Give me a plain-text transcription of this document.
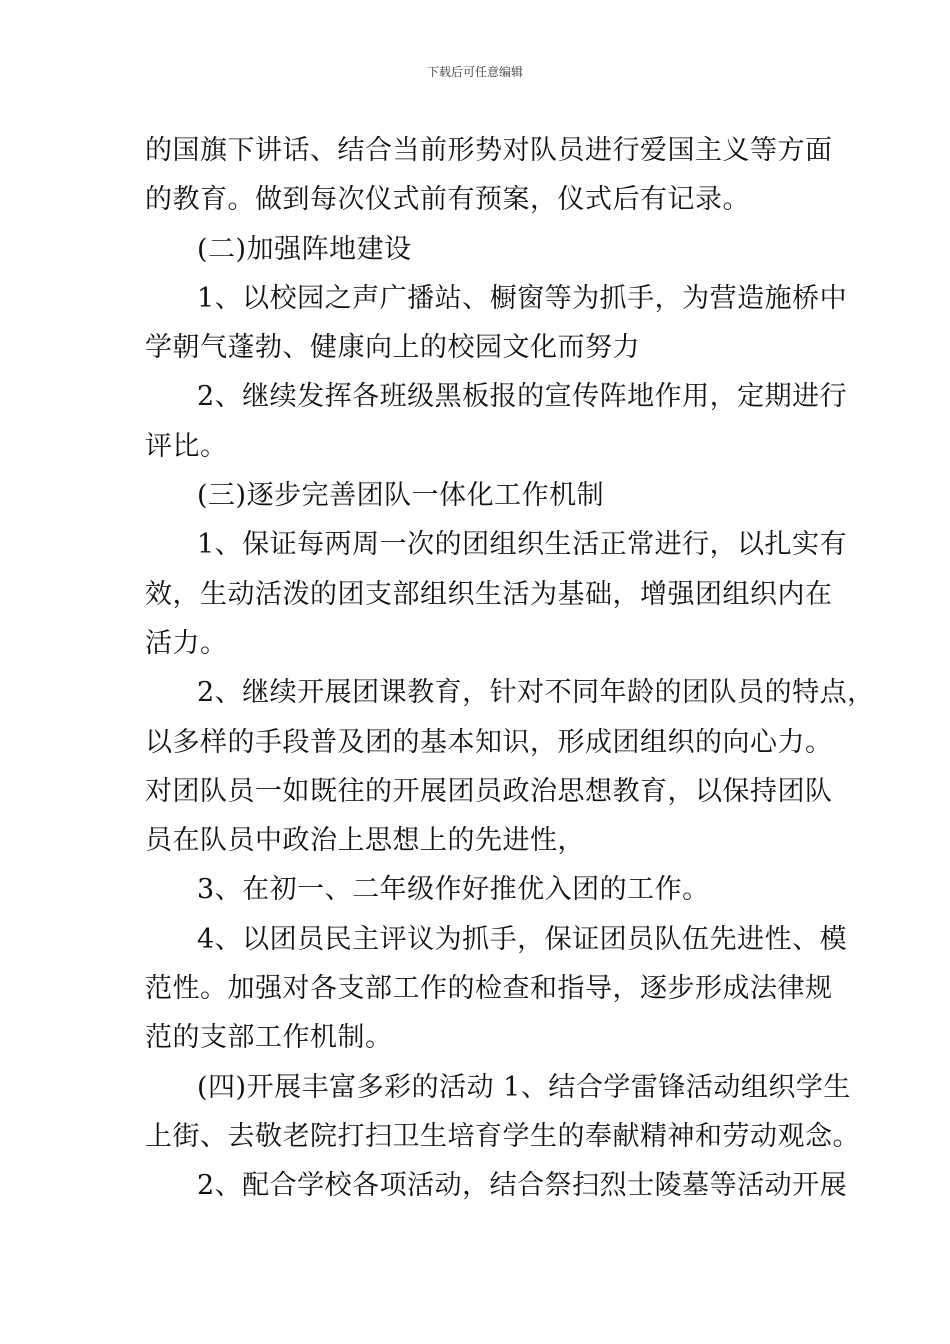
下载后可任意编辑
的国旗下讲话、结合当前形势对队员进行爱国主义等方面
的教育。做到每次仪式前有预案，仪式后有记录。
(二)加强阵地建设
1、以校园之声广播站、橱窗等为抓手，为营造施桥中
学朝气蓬勃、健康向上的校园文化而努力
2、继续发挥各班级黑板报的宣传阵地作用，定期进行
评比。
(三)逐步完善团队一体化工作机制
1、保证每两周一次的团组织生活正常进行，以扎实有
效，生动活泼的团支部组织生活为基础，增强团组织内在
活力。
2、继续开展团课教育，针对不同年龄的团队员的特点，
以多样的手段普及团的基本知识，形成团组织的向心力。
对团队员一如既往的开展团员政治思想教育，以保持团队
员在队员中政治上思想上的先进性，
3、在初一、二年级作好推优入团的工作。
4、以团员民主评议为抓手，保证团员队伍先进性、模
范性。加强对各支部工作的检查和指导，逐步形成法律规
范的支部工作机制。
(四)开展丰富多彩的活动 1、结合学雷锋活动组织学生
上街、去敬老院打扫卫生培育学生的奉献精神和劳动观念。
2、配合学校各项活动，结合祭扫烈士陵墓等活动开展
